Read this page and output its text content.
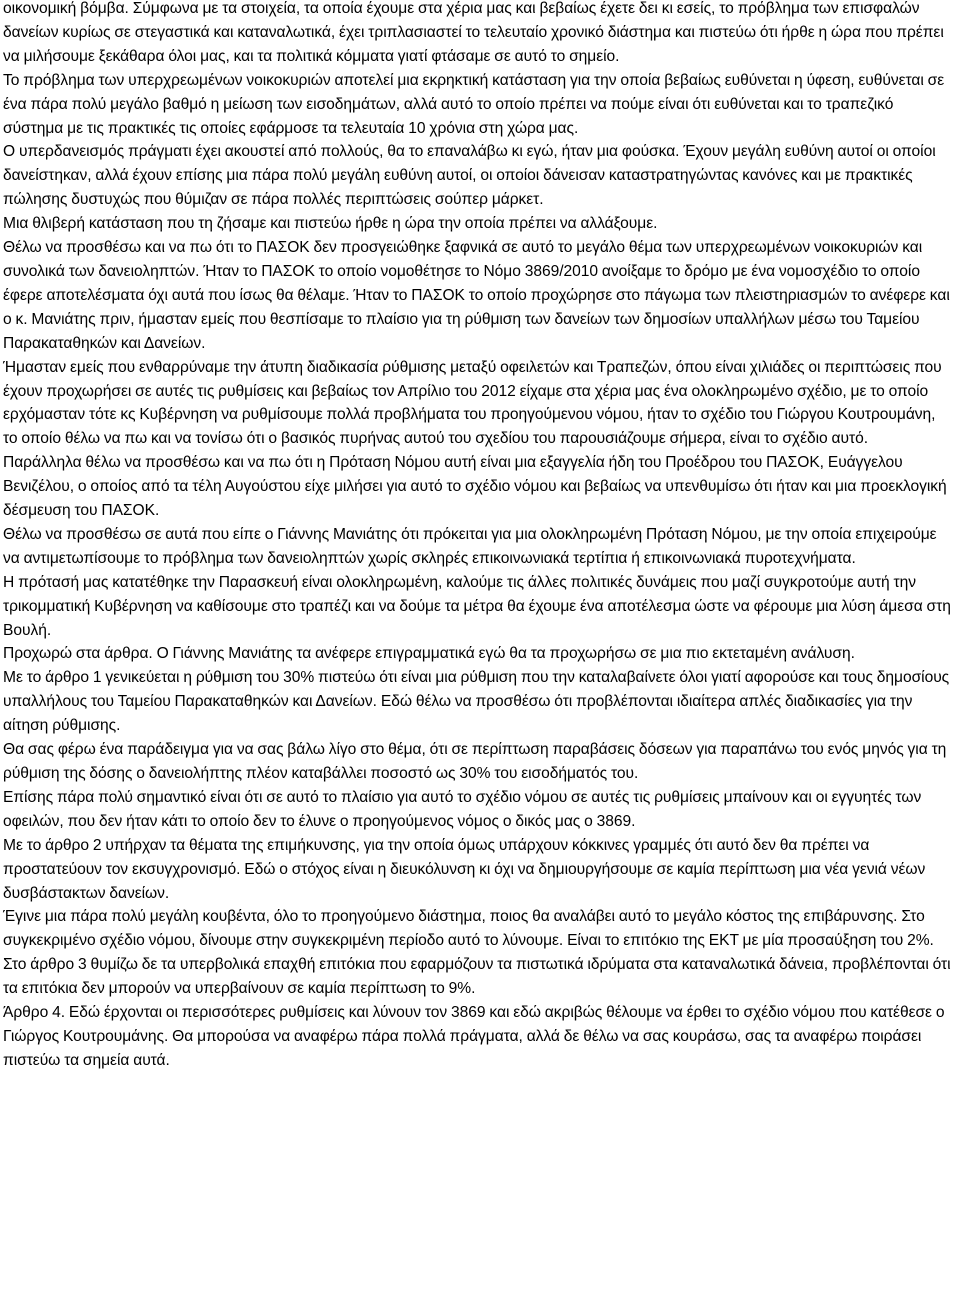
οικονομική βόμβα. Σύμφωνα με τα στοιχεία, τα οποία έχουμε στα χέρια μας και βεβαίως έχετε δει κι εσείς, το πρόβλημα των επισφαλών δανείων κυρίως σε στεγαστικά και καταναλωτικά, έχει τριπλασιαστεί το τελευταίο χρονικό διάστημα και πιστεύω ότι ήρθε η ώρα που πρέπει να μιλήσουμε ξεκάθαρα όλοι μας, και τα πολιτικά κόμματα γιατί φτάσαμε σε αυτό το σημείο.

Το πρόβλημα των υπερχρεωμένων νοικοκυριών αποτελεί μια εκρηκτική κατάσταση για την οποία βεβαίως ευθύνεται η ύφεση, ευθύνεται σε ένα πάρα πολύ μεγάλο βαθμό η μείωση των εισοδημάτων, αλλά αυτό το οποίο πρέπει να πούμε είναι ότι ευθύνεται και το τραπεζικό σύστημα με τις πρακτικές τις οποίες εφάρμοσε τα τελευταία 10 χρόνια στη χώρα μας.

Ο υπερδανεισμός πράγματι έχει ακουστεί από πολλούς, θα το επαναλάβω κι εγώ, ήταν μια φούσκα. Έχουν μεγάλη ευθύνη αυτοί οι οποίοι δανείστηκαν, αλλά έχουν επίσης μια πάρα πολύ μεγάλη ευθύνη αυτοί, οι οποίοι δάνεισαν καταστρατηγώντας κανόνες και με πρακτικές πώλησης δυστυχώς που θύμιζαν σε πάρα πολλές περιπτώσεις σούπερ μάρκετ.

Μια θλιβερή κατάσταση που τη ζήσαμε και πιστεύω ήρθε η ώρα την οποία πρέπει να αλλάξουμε.

Θέλω να προσθέσω και να πω ότι το ΠΑΣΟΚ δεν προσγειώθηκε ξαφνικά σε αυτό το μεγάλο θέμα των υπερχρεωμένων νοικοκυριών και συνολικά των δανειοληπτών. Ήταν το ΠΑΣΟΚ το οποίο νομοθέτησε το Νόμο 3869/2010 ανοίξαμε το δρόμο με ένα νομοσχέδιο το οποίο έφερε αποτελέσματα όχι αυτά που ίσως θα θέλαμε. Ήταν το ΠΑΣΟΚ το οποίο προχώρησε στο πάγωμα των πλειστηριασμών το ανέφερε και ο κ. Μανιάτης πριν, ήμασταν εμείς που θεσπίσαμε το πλαίσιο για τη ρύθμιση των δανείων των δημοσίων υπαλλήλων μέσω του Ταμείου Παρακαταθηκών και Δανείων.

Ήμασταν εμείς που ενθαρρύναμε την άτυπη διαδικασία ρύθμισης μεταξύ οφειλετών και Τραπεζών, όπου είναι χιλιάδες οι περιπτώσεις που έχουν προχωρήσει σε αυτές τις ρυθμίσεις και βεβαίως τον Απρίλιο του 2012 είχαμε στα χέρια μας ένα ολοκληρωμένο σχέδιο, με το οποίο ερχόμασταν τότε κς Κυβέρνηση να ρυθμίσουμε πολλά προβλήματα του προηγούμενου νόμου, ήταν το σχέδιο του Γιώργου Κουτρουμάνη, το οποίο θέλω να πω και να τονίσω ότι ο βασικός πυρήνας αυτού του σχεδίου του παρουσιάζουμε σήμερα, είναι το σχέδιο αυτό.

Παράλληλα θέλω να προσθέσω και να πω ότι η Πρόταση Νόμου αυτή είναι μια εξαγγελία ήδη του Προέδρου του ΠΑΣΟΚ, Ευάγγελου Βενιζέλου, ο οποίος από τα τέλη Αυγούστου είχε μιλήσει για αυτό το σχέδιο νόμου και βεβαίως να υπενθυμίσω ότι ήταν και μια προεκλογική δέσμευση του ΠΑΣΟΚ.

Θέλω να προσθέσω σε αυτά που είπε ο Γιάννης Μανιάτης ότι πρόκειται για μια ολοκληρωμένη Πρόταση Νόμου, με την οποία επιχειρούμε να αντιμετωπίσουμε το πρόβλημα των δανειοληπτών χωρίς σκληρές επικοινωνιακά τερτίπια ή επικοινωνιακά πυροτεχνήματα.

Η πρότασή μας κατατέθηκε την Παρασκευή είναι ολοκληρωμένη, καλούμε τις άλλες πολιτικές δυνάμεις που μαζί συγκροτούμε αυτή την τρικομματική Κυβέρνηση να καθίσουμε στο τραπέζι και να δούμε τα μέτρα θα έχουμε ένα αποτέλεσμα ώστε να φέρουμε μια λύση άμεσα στη Βουλή.

Προχωρώ στα άρθρα. Ο Γιάννης Μανιάτης τα ανέφερε επιγραμματικά εγώ θα τα προχωρήσω σε μια πιο εκτεταμένη ανάλυση.

Με το άρθρο 1 γενικεύεται η ρύθμιση του 30% πιστεύω ότι είναι μια ρύθμιση που την καταλαβαίνετε όλοι γιατί αφορούσε και τους δημοσίους υπαλλήλους του Ταμείου Παρακαταθηκών και Δανείων. Εδώ θέλω να προσθέσω ότι προβλέπονται ιδιαίτερα απλές διαδικασίες για την αίτηση ρύθμισης.

Θα σας φέρω ένα παράδειγμα για να σας βάλω λίγο στο θέμα, ότι σε περίπτωση παραβάσεις δόσεων για παραπάνω του ενός μηνός για τη ρύθμιση της δόσης ο δανειολήπτης πλέον καταβάλλει ποσοστό ως 30% του εισοδήματός του.

Επίσης πάρα πολύ σημαντικό είναι ότι σε αυτό το πλαίσιο για αυτό το σχέδιο νόμου σε αυτές τις ρυθμίσεις μπαίνουν και οι εγγυητές των οφειλών, που δεν ήταν κάτι το οποίο δεν το έλυνε ο προηγούμενος νόμος ο δικός μας ο 3869.

Με το άρθρο 2 υπήρχαν τα θέματα της επιμήκυνσης, για την οποία όμως υπάρχουν κόκκινες γραμμές ότι αυτό δεν θα πρέπει να προστατεύουν τον εκσυγχρονισμό. Εδώ ο στόχος είναι η διευκόλυνση κι όχι να δημιουργήσουμε σε καμία περίπτωση μια νέα γενιά νέων δυσβάστακτων δανείων.

Έγινε μια πάρα πολύ μεγάλη κουβέντα, όλο το προηγούμενο διάστημα, ποιος θα αναλάβει αυτό το μεγάλο κόστος της επιβάρυνσης. Στο συγκεκριμένο σχέδιο νόμου, δίνουμε στην συγκεκριμένη περίοδο αυτό το λύνουμε. Είναι το επιτόκιο της ΕΚΤ με μία προσαύξηση του 2%.

Στο άρθρο 3 θυμίζω δε τα υπερβολικά επαχθή επιτόκια που εφαρμόζουν τα πιστωτικά ιδρύματα στα καταναλωτικά δάνεια, προβλέπονται ότι τα επιτόκια δεν μπορούν να υπερβαίνουν σε καμία περίπτωση το 9%.

Άρθρο 4. Εδώ έρχονται οι περισσότερες ρυθμίσεις και λύνουν τον 3869 και εδώ ακριβώς θέλουμε να έρθει το σχέδιο νόμου που κατέθεσε ο Γιώργος Κουτρουμάνης. Θα μπορούσα να αναφέρω πάρα πολλά πράγματα, αλλά δε θέλω να σας κουράσω, σας τα αναφέρω ποιράσει πιστεύω τα σημεία αυτά.
